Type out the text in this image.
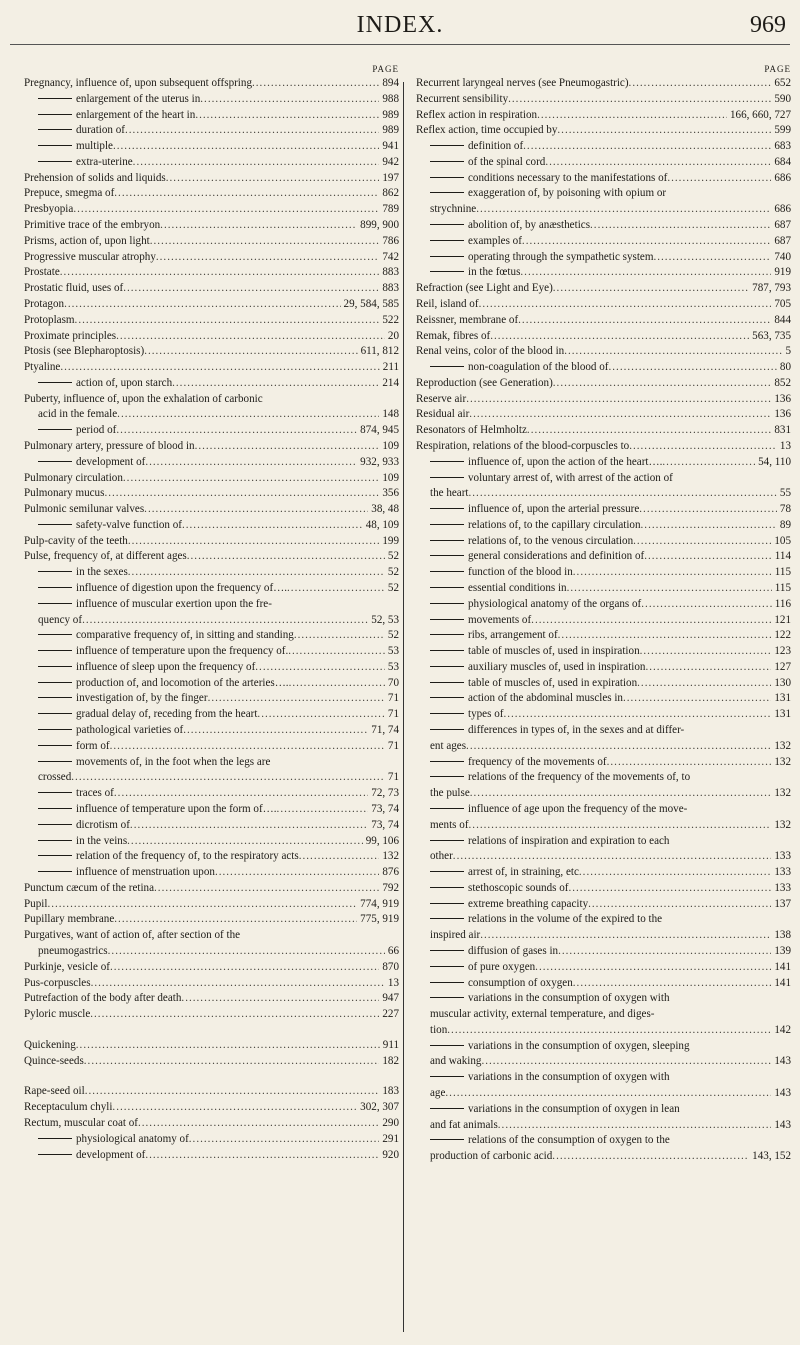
INDEX.	969
PAGE
Pregnancy, influence of, upon subsequent offspring .....	894
enlargement of the uterus in .....	988
enlargement of the heart in .....	989
duration of .....	989
multiple .....	941
extra-uterine .....	942
Prehension of solids and liquids .....	197
Prepuce, smegma of .....	862
Presbyopia .....	789
Primitive trace of the embryon .....	899, 900
Prisms, action of, upon light .....	786
Progressive muscular atrophy .....	742
Prostate .....	883
Prostatic fluid, uses of .....	883
Protagon .....	29, 584, 585
Protoplasm .....	522
Proximate principles .....	20
Ptosis (see Blepharoptosis) .....	611, 812
Ptyaline .....	211
action of, upon starch .....	214
Puberty, influence of, upon the exhalation of carbonic
acid in the female .....	148
period of .....	874, 945
Pulmonary artery, pressure of blood in .....	109
development of .....	932, 933
Pulmonary circulation .....	109
Pulmonary mucus .....	356
Pulmonic semilunar valves .....	38, 48
safety-valve function of .....	48, 109
Pulp-cavity of the teeth .....	199
Pulse, frequency of, at different ages .....	52
in the sexes .....	52
influence of digestion upon the frequency of…. .....	52
influence of muscular exertion upon the fre-
quency of .....	52, 53
comparative frequency of, in sitting and standing .....	52
influence of temperature upon the frequency of. .....	53
influence of sleep upon the frequency of .....	53
production of, and locomotion of the arteries…. .....	70
investigation of, by the finger .....	71
gradual delay of, receding from the heart .....	71
pathological varieties of .....	71, 74
form of .....	71
movements of, in the foot when the legs are
crossed .....	71
traces of .....	72, 73
influence of temperature upon the form of…. .....	73, 74
dicrotism of .....	73, 74
in the veins .....	99, 106
relation of the frequency of, to the respiratory acts .....	132
influence of menstruation upon .....	876
Punctum cæcum of the retina .....	792
Pupil .....	774, 919
Pupillary membrane .....	775, 919
Purgatives, want of action of, after section of the
pneumogastrics .....	66
Purkinje, vesicle of .....	870
Pus-corpuscles .....	13
Putrefaction of the body after death .....	947
Pyloric muscle .....	227
Quickening .....	911
Quince-seeds .....	182
Rape-seed oil .....	183
Receptaculum chyli .....	302, 307
Rectum, muscular coat of .....	290
physiological anatomy of .....	291
development of .....	920
PAGE
Recurrent laryngeal nerves (see Pneumogastric) .....	652
Recurrent sensibility .....	590
Reflex action in respiration .....	166, 660, 727
Reflex action, time occupied by .....	599
definition of .....	683
of the spinal cord .....	684
conditions necessary to the manifestations of .....	686
exaggeration of, by poisoning with opium or
strychnine .....	686
abolition of, by anæsthetics .....	687
examples of .....	687
operating through the sympathetic system .....	740
in the fœtus .....	919
Refraction (see Light and Eye) .....	787, 793
Reil, island of .....	705
Reissner, membrane of .....	844
Remak, fibres of .....	563, 735
Renal veins, color of the blood in .....	5
non-coagulation of the blood of .....	80
Reproduction (see Generation) .....	852
Reserve air .....	136
Residual air .....	136
Resonators of Helmholtz .....	831
Respiration, relations of the blood-corpuscles to .....	13
influence of, upon the action of the heart…. .....	54, 110
voluntary arrest of, with arrest of the action of
the heart .....	55
influence of, upon the arterial pressure .....	78
relations of, to the capillary circulation .....	89
relations of, to the venous circulation .....	105
general considerations and definition of .....	114
function of the blood in .....	115
essential conditions in .....	115
physiological anatomy of the organs of .....	116
movements of .....	121
ribs, arrangement of .....	122
table of muscles of, used in inspiration .....	123
auxiliary muscles of, used in inspiration .....	127
table of muscles of, used in expiration .....	130
action of the abdominal muscles in .....	131
types of .....	131
differences in types of, in the sexes and at differ-
ent ages .....	132
frequency of the movements of .....	132
relations of the frequency of the movements of, to
the pulse .....	132
influence of age upon the frequency of the move-
ments of .....	132
relations of inspiration and expiration to each
other .....	133
arrest of, in straining, etc .....	133
stethoscopic sounds of .....	133
extreme breathing capacity .....	137
relations in the volume of the expired to the
inspired air .....	138
diffusion of gases in .....	139
of pure oxygen .....	141
consumption of oxygen .....	141
variations in the consumption of oxygen with
muscular activity, external temperature, and diges-
tion .....	142
variations in the consumption of oxygen, sleeping
and waking .....	143
variations in the consumption of oxygen with
age .....	143
variations in the consumption of oxygen in lean
and fat animals .....	143
relations of the consumption of oxygen to the
production of carbonic acid .....	143, 152
